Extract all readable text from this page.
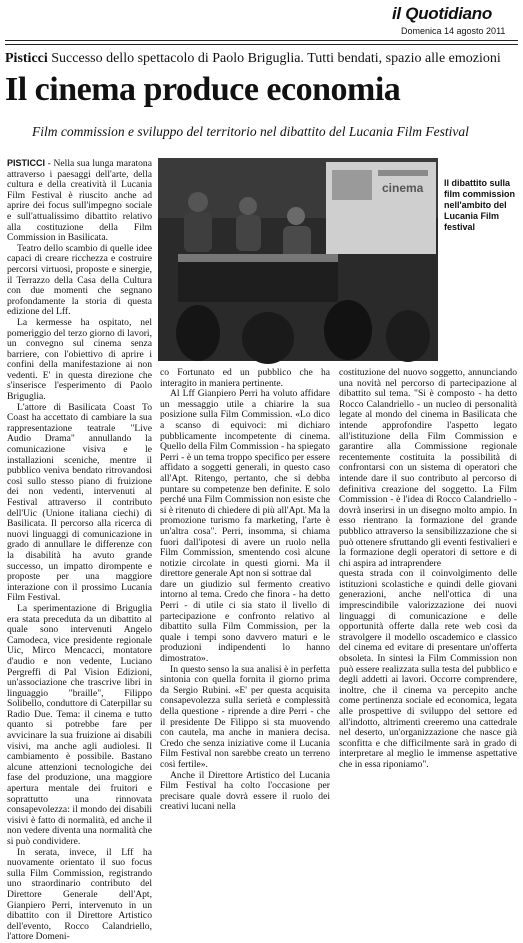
il Quotidiano
Domenica 14 agosto 2011
Pisticci Successo dello spettacolo di Paolo Briguglia. Tutti bendati, spazio alle emozioni
Il cinema produce economia
Film commission e sviluppo del territorio nel dibattito del Lucania Film Festival
cinema Il dibattito sulla film commission nell'ambito del Lucania Film festival

PISTICCI - Nella sua lunga maratona attraverso i paesaggi dell'arte, della cultura e della creatività il Lucania Film Festival è riuscito anche ad aprire dei focus sull'impegno sociale e sull'attualissimo dibattito relativo alla costituzione della Film Commission in Basilicata.

Teatro dello scambio di quelle idee capaci di creare ricchezza e costruire percorsi virtuosi, proposte e sinergie, il Terrazzo della Casa della Cultura con due momenti che segnano profondamente la storia di questa edizione del Lff.

La kermesse ha ospitato, nel pomeriggio del terzo giorno di lavori, un convegno sul cinema senza barriere, con l'obiettivo di aprire i confini della manifestazione ai non vedenti. E' in questa direzione che s'inserisce l'esperimento di Paolo Briguglia.

L'attore di Basilicata Coast To Coast ha accettato di cambiare la sua rappresentazione teatrale "Live Audio Drama" annullando la comunicazione visiva e le installazioni sceniche, mentre il pubblico veniva bendato ritrovandosi così sullo stesso piano di fruizione dei non vedenti, intervenuti al Festival attraverso il contributo dell'Uic (Unione italiana ciechi) di Basilicata. Il percorso alla ricerca di nuovi linguaggi di comunicazione in grado di annullare le differenze con la disabilità ha avuto grande successo, un impatto dirompente e proposte per una maggiore interazione con il prossimo Lucania Film Festival.

La sperimentazione di Briguglia era stata preceduta da un dibattito al quale sono intervenuti Angelo Camodeca, vice presidente regionale Uic, Mirco Mencacci, montatore d'audio e non vedente, Luciano Pergreffi di Pal Vision Edizioni, un'associazione che trascrive libri in linguaggio "braille", Filippo Solibello, conduttore di Caterpillar su Radio Due. Tema: il cinema e tutto quanto si potrebbe fare per avvicinare la sua fruizione ai disabili visivi, ma anche agli audiolesi. Il cambiamento è possibile. Bastano alcune attenzioni tecnologiche dei fase del produzione, una maggiore apertura mentale dei fruitori e soprattutto una rinnovata consapevolezza: il mondo dei disabili visivi è fatto di normalità, ed anche il non vedere diventa una normalità che si può condividere.

In serata, invece, il Lff ha nuovamente orientato il suo focus sulla Film Commission, registrando uno straordinario contributo del Direttore Generale dell'Apt, Gianpiero Perri, intervenuto in un dibattito con il Direttore Artistico dell'evento, Rocco Calandriello, l'attore Domeni-

co Fortunato ed un pubblico che ha interagito in maniera pertinente.

Al Lff Gianpiero Perri ha voluto affidare un messaggio utile a chiarire la sua posizione sulla Film Commission. «Lo dico a scanso di equivoci: mi dichiaro pubblicamente incompetente di cinema. Quello della Film Commission - ha spiegato Perri - è un tema troppo specifico per essere affidato a soggetti generali, in questo caso all'Apt. Ritengo, pertanto, che si debba puntare su competenze ben definite. E solo perché una Film Commission non esiste che si è ritenuto di chiedere di più all'Apt. Ma la promozione turismo fa marketing, l'arte è un'altra cosa". Perri, insomma, si chiama fuori dall'ipotesi di avere un ruolo nella Film Commission, smentendo così alcune notizie circolate in questi giorni. Ma il direttore generale Apt non si sottrae dal

dare un giudizio sul fermento creativo intorno al tema. Credo che finora - ha detto Perri - di utile ci sia stato il livello di partecipazione e confronto relativo al dibattito sulla Film Commission, per la quale i tempi sono davvero maturi e le produzioni indipendenti lo hanno dimostrato».

In questo senso la sua analisi è in perfetta sintonia con quella fornita il giorno prima da Sergio Rubini. «E' per questa acquisita consapevolezza sulla serietà e complessità della questione - riprende a dire Perri - che il presidente De Filippo si sta muovendo con cautela, ma anche in maniera decisa. Credo che senza iniziative come il Lucania Film Festival non sarebbe creato un terreno così fertile».

Anche il Direttore Artistico del Lucania Film Festival ha colto l'occasione per precisare quale dovrà essere il ruolo dei creativi lucani nella

costituzione del nuovo soggetto, annunciando una novità nel percorso di partecipazione al dibattito sul tema. "Si è composto - ha detto Rocco Calandriello - un nucleo di personalità legate al mondo del cinema in Basilicata che intende approfondire l'aspetto legato all'istituzione della Film Commission e garantire alla Commissione regionale recentemente costituita la possibilità di confrontarsi con un sistema di operatori che intende dare il suo contributo al percorso di definitiva creazione del soggetto. La Film Commission - è l'idea di Rocco Calandriello - dovrà inserirsi in un disegno molto ampio. In esso rientrano la formazione del grande pubblico attraverso la sensibilizzazione che si può ottenere sfruttando gli eventi festivalieri e la formazione degli operatori di settore e di chi aspira ad intraprendere

questa strada con il coinvolgimento delle istituzioni scolastiche e quindi delle giovani generazioni, anche nell'ottica di una imprescindibile valorizzazione dei nuovi linguaggi di comunicazione e delle opportunità offerte dalla rete web così da stravolgere il modello oscademico e classico del cinema ed evitare di presentare un'offerta obsoleta. In sintesi la Film Commission non può essere realizzata sulla testa del pubblico e degli addetti ai lavori. Occorre comprendere, inoltre, che il cinema va percepito anche come pertinenza sociale ed economica, legata alle prospettive di sviluppo del settore ed all'indotto, altrimenti creeremo una cattedrale nel deserto, un'organizzazione che nasce già sconfitta e che difficilmente sarà in grado di interpretare al meglio le immense aspettative che in essa riponiamo".
